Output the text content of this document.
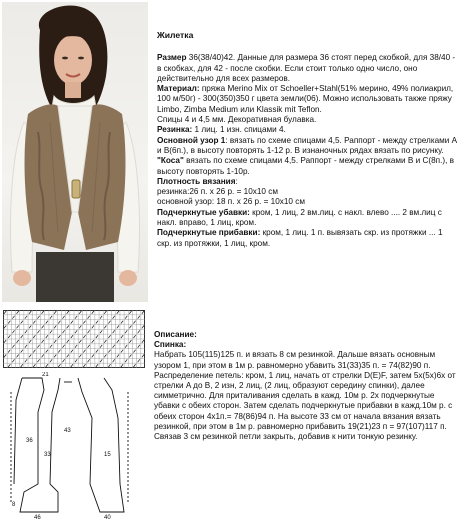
Жилетка

Размер 36(38/40)42. Данные для размера 36 стоят перед скобкой, для 38/40 - в скобках, для 42 - после скобки. Если стоит только одно число, оно действительно для всех размеров.

Материал: пряжа Merino Mix от Schoeller+Stahl(51% мерино, 49% полиакрил, 100 м/50г) - 300(350)350 г цвета земли(06). Можно использовать также пряжу Limbo, Zimba Medium или Klassik mit Teflon.

Спицы 4 и 4,5 мм. Декоративная булавка.

Резинка: 1 лиц. 1 изн. спицами 4.

Основной узор 1: вязать по схеме спицами 4,5. Раппорт - между стрелками A и B(6п.), в высоту повторять 1-12 р. В изнаночных рядах вязать по рисунку.

"Коса" вязать по схеме спицами 4,5. Раппорт - между стрелками B и C(8п.), в высоту повторять 1-10р.

Плотность вязания:

резинка:26 п. x 26 р. = 10x10 см

основной узор: 18 п. x 26 р. = 10x10 см

Подчеркнутые убавки: кром, 1 лиц, 2 вм.лиц. с накл. влево .... 2 вм.лиц с накл. вправо, 1 лиц, кром.

Подчеркнутые прибавки: кром, 1 лиц. 1 п. вывязать скр. из протяжки ... 1 скр. из протяжки, 1 лиц, кром.

21
36
43
33	15
8
46	40

Описание:

Спинка:

Набрать 105(115)125 п. и вязать 8 см резинкой. Дальше вязать основным узором 1, при этом в 1м р. равномерно убавить 31(33)35 п. = 74(82)90 п. Распределение петель: кром, 1 лиц, начать от стрелки D(E)F, затем 5x(5x)6x от стрелки A до B, 2 изн, 2 лиц, (2 лиц, образуют середину спинки), далее симметрично. Для приталивания сделать в кажд. 10м р. 2x подчеркнутые убавки с обеих сторон. Затем сделать подчеркнутые прибавки в кажд.10м р. с обеих сторон 4x1п.= 78(86)94 п. На высоте 33 см от начала вязания вязать резинкой, при этом в 1м р. равномерно прибавить 19(21)23 п = 97(107)117 п. Связав 3 см резинкой петли закрыть, добавив к нити тонкую резинку.
